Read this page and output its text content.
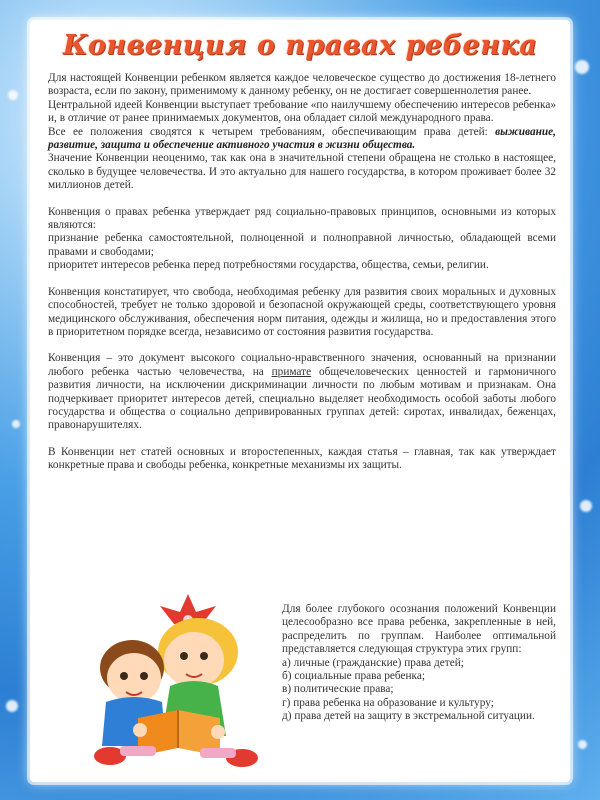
Конвенция о правах ребенка

Для настоящей Конвенции ребенком является каждое человеческое существо до достижения 18-летнего возраста, если по закону, применимому к данному ребенку, он не достигает совершеннолетия ранее.

Центральной идеей Конвенции выступает требование «по наилучшему обеспечению интересов ребенка» и, в отличие от ранее принимаемых документов, она обладает силой международного права.

Все ее положения сводятся к четырем требованиям, обеспечивающим права детей: выживание, развитие, защита и обеспечение активного участия в жизни общества.

Значение Конвенции неоценимо, так как она в значительной степени обращена не столько в настоящее, сколько в будущее человечества. И это актуально для нашего государства, в котором проживает более 32 миллионов детей.

Конвенция о правах ребенка утверждает ряд социально-правовых принципов, основными из которых являются:

признание ребенка самостоятельной, полноценной и полноправной личностью, обладающей всеми правами и свободами;

приоритет интересов ребенка перед потребностями государства, общества, семьи, религии.

Конвенция констатирует, что свобода, необходимая ребенку для развития своих моральных и духовных способностей, требует не только здоровой и безопасной окружающей среды, соответствующего уровня медицинского обслуживания, обеспечения норм питания, одежды и жилища, но и предоставления этого в приоритетном порядке всегда, независимо от состояния развития государства.

Конвенция – это документ высокого социально-нравственного значения, основанный на признании любого ребенка частью человечества, на примате общечеловеческих ценностей и гармоничного развития личности, на исключении дискриминации личности по любым мотивам и признакам. Она подчеркивает приоритет интересов детей, специально выделяет необходимость особой заботы любого государства и общества о социально депривированных группах детей: сиротах, инвалидах, беженцах, правонарушителях.

В Конвенции нет статей основных и второстепенных, каждая статья – главная, так как утверждает конкретные права и свободы ребенка, конкретные механизмы их защиты.

Для более глубокого осознания положений Конвенции целесообразно все права ребенка, закрепленные в ней, распределить по группам. Наиболее оптимальной представляется следующая структура этих групп:

а) личные (гражданские) права детей;

б) социальные права ребенка;

в) политические права;

г) права ребенка на образование и культуру;

д) права детей на защиту в экстремальной ситуации.
